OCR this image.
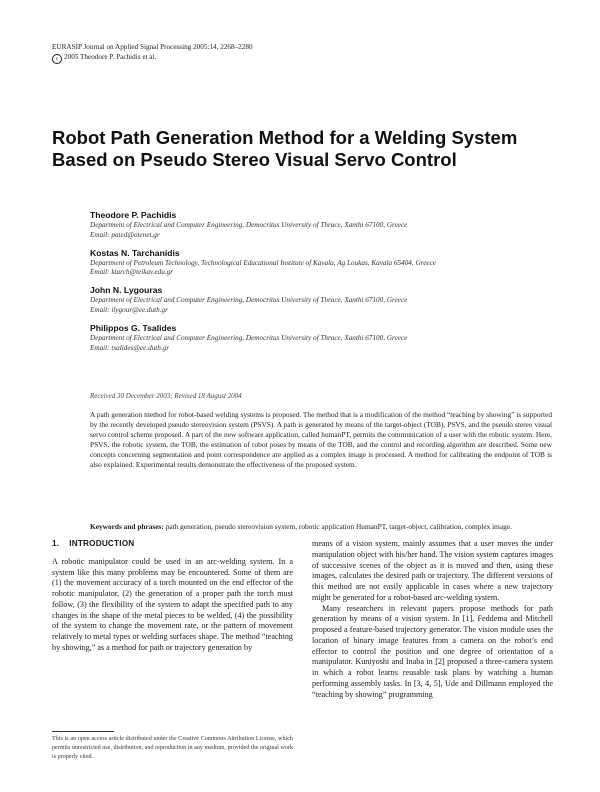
EURASIP Journal on Applied Signal Processing 2005:14, 2268–2280
c 2005 Theodore P. Pachidis et al.
Robot Path Generation Method for a Welding System Based on Pseudo Stereo Visual Servo Control
Theodore P. Pachidis
Department of Electrical and Computer Engineering, Democritus University of Thrace, Xanthi 67100, Greece
Email: pated@otenet.gr
Kostas N. Tarchanidis
Department of Petroleum Technology, Technological Educational Institute of Kavala, Ag Loukas, Kavala 65404, Greece
Email: ktarch@teikav.edu.gr
John N. Lygouras
Department of Electrical and Computer Engineering, Democritus University of Thrace, Xanthi 67100, Greece
Email: ilygour@ee.duth.gr
Philippos G. Tsalides
Department of Electrical and Computer Engineering, Democritus University of Thrace, Xanthi 67100, Greece
Email: tsalides@ee.duth.gr
Received 30 December 2003; Revised 18 August 2004

A path generation method for robot-based welding systems is proposed. The method that is a modification of the method “teaching by showing” is supported by the recently developed pseudo stereovision system (PSVS). A path is generated by means of the target-object (TOB), PSVS, and the pseudo stereo visual servo control scheme proposed. A part of the new software application, called humanPT, permits the communication of a user with the robotic system. Here, PSVS, the robotic system, the TOB, the estimation of robot poses by means of the TOB, and the control and recording algorithm are described. Some new concepts concerning segmentation and point correspondence are applied as a complex image is processed. A method for calibrating the endpoint of TOB is also explained. Experimental results demonstrate the effectiveness of the proposed system.

Keywords and phrases: path generation, pseudo stereovision system, robotic application HumanPT, target-object, calibration, complex image.

1. INTRODUCTION

A robotic manipulator could be used in an arc-welding system. In a system like this many problems may be encountered. Some of them are (1) the movement accuracy of a torch mounted on the end effector of the robotic manipulator, (2) the generation of a proper path the torch must follow, (3) the flexibility of the system to adapt the specified path to any changes in the shape of the metal pieces to be welded, (4) the possibility of the system to change the movement rate, or the pattern of movement relatively to metal types or welding surfaces shape. The method “teaching by showing,” as a method for path or trajectory generation by

means of a vision system, mainly assumes that a user moves the under manipulation object with his/her hand. The vision system captures images of successive scenes of the object as it is moved and then, using these images, calculates the desired path or trajectory. The different versions of this method are not easily applicable in cases where a new trajectory might be generated for a robot-based arc-welding system.

Many researchers in relevant papers propose methods for path generation by means of a vision system. In [1], Feddema and Mitchell proposed a feature-based trajectory generator. The vision module uses the location of binary image features from a camera on the robot’s end effector to control the position and one degree of orientation of a manipulator. Kuniyoshi and Inaba in [2] proposed a three-camera system in which a robot learns reusable task plans by watching a human performing assembly tasks. In [3, 4, 5], Ude and Dillmann employed the “teaching by showing” programming

This is an open access article distributed under the Creative Commons Attribution License, which permits unrestricted use, distribution, and reproduction in any medium, provided the original work is properly cited.
